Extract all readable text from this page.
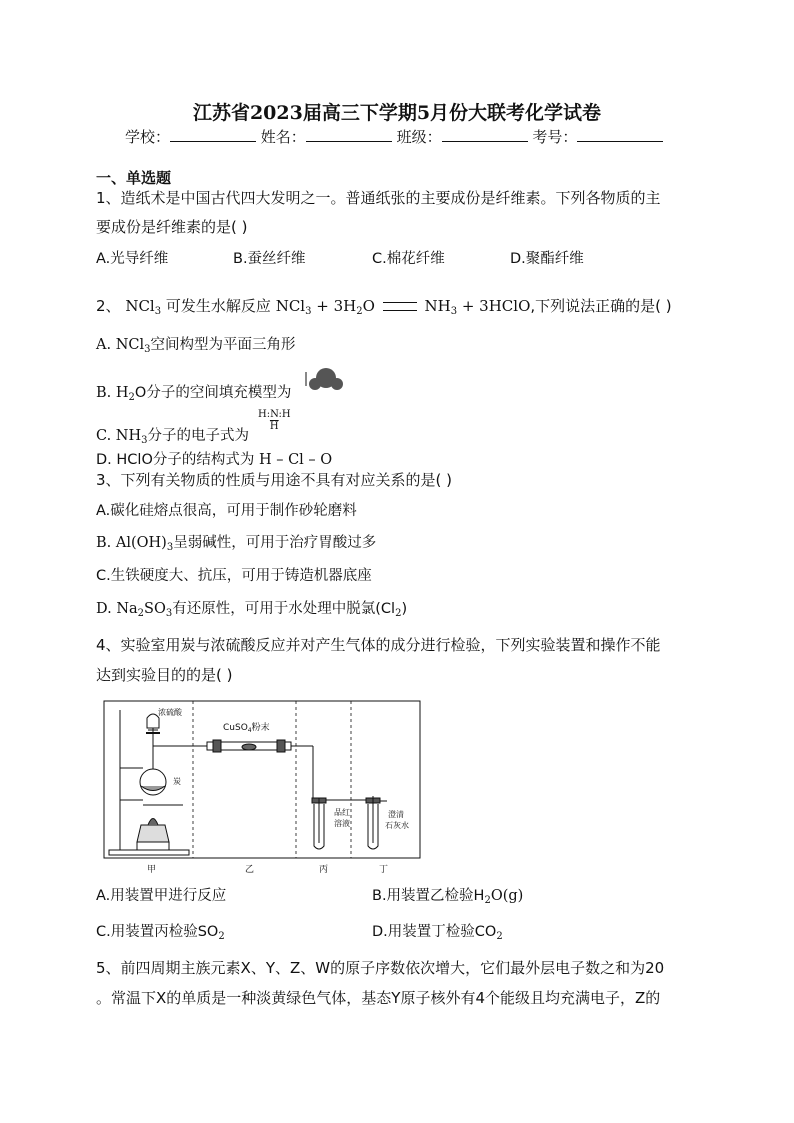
江苏省2023届高三下学期5月份大联考化学试卷
学校：	姓名：	班级：	考号：
一、单选题
1、造纸术是中国古代四大发明之一。普通纸张的主要成份是纤维素。下列各物质的主
要成份是纤维素的是( )
A.光导纤维	B.蚕丝纤维	C.棉花纤维	D.聚酯纤维
2、 NCl$_3$ 可发生水解反应 $NCl_3 + 3H_2O$	$NH_3$ + 3HClO,下列说法正确的是( )
A. NCl$_3$空间构型为平面三角形
B. $H_2O$分子的空间填充模型为
C. $NH_3$分子的电子式为
H:N:H
$\overline{H}$
D. HClO分子的结构式为 H – Cl – O
3、下列有关物质的性质与用途不具有对应关系的是( )
A.碳化硅熔点很高，可用于制作砂轮磨料
B. $Al(OH)_3$呈弱碱性，可用于治疗胃酸过多
C.生铁硬度大、抗压，可用于铸造机器底座
D. $Na_2SO_3$有还原性，可用于水处理中脱氯$(Cl_2)$
4、实验室用炭与浓硫酸反应并对产生气体的成分进行检验，下列实验装置和操作不能
达到实验目的的是( )
浓硫酸
炭
CuSO$_4$粉末
品红
溶液
澄清
石灰水
甲	乙	丙	丁
A.用装置甲进行反应	B.用装置乙检验$H_2O(g)$
C.用装置丙检验$SO_2$	D.用装置丁检验$CO_2$
5、前四周期主族元素X、Y、Z、W的原子序数依次增大，它们最外层电子数之和为20
。常温下X的单质是一种淡黄绿色气体，基态Y原子核外有4个能级且均充满电子，Z的
